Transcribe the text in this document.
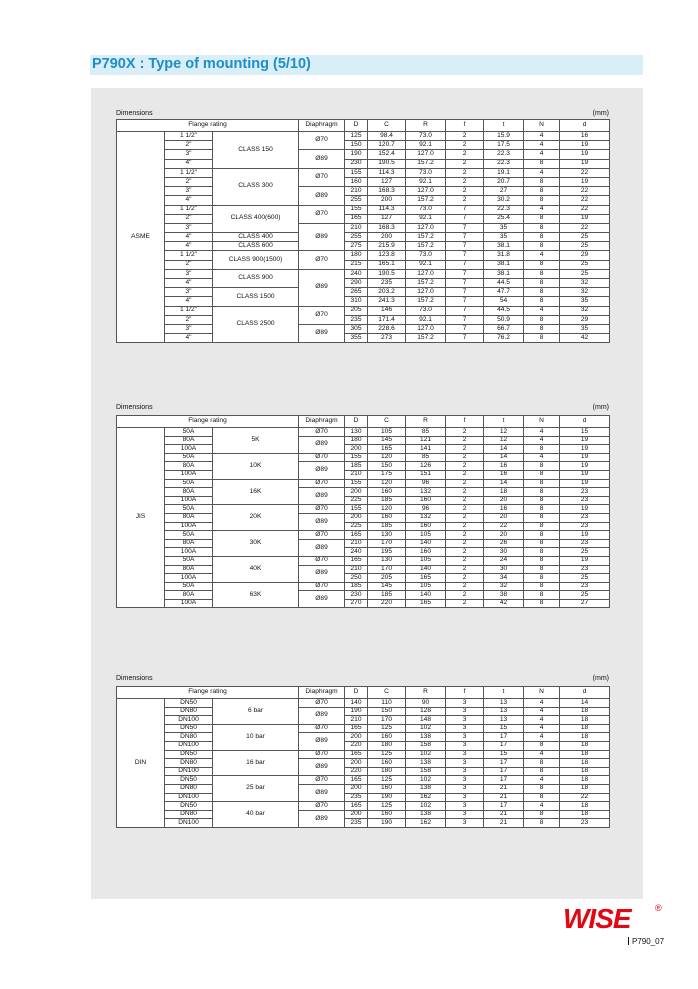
P790X : Type of mounting (5/10)
Dimensions	(mm)
Flange rating			Diaphragm	D	C	R	f	t	N	d
ASME	1 1/2"	CLASS 150	Ø70	125	98.4	73.0	2	15.9	4	16
	2"			150	120.7	92.1	2	17.5	4	19
	3"		Ø89	190	152.4	127.0	2	22.3	4	19
	4"			230	190.5	157.2	2	22.3	8	19
	1 1/2"	CLASS 300	Ø70	155	114.3	73.0	2	19.1	4	22
	2"			160	127	92.1	2	20.7	8	19
	3"		Ø89	210	168.3	127.0	2	27	8	22
	4"			255	200	157.2	2	30.2	8	22
	1 1/2"	CLASS 400(600)	Ø70	155	114.3	73.0	7	22.3	4	22
	2"			165	127	92.1	7	25.4	8	19
	3"		Ø89	210	168.3	127.0	7	35	8	22
	4"	CLASS 400		255	200	157.2	7	35	8	25
	4"	CLASS 600		275	215.9	157.2	7	38.1	8	25
	1 1/2"	CLASS 900(1500)	Ø70	180	123.8	73.0	7	31.8	4	29
	2"			215	165.1	92.1	7	38.1	8	25
	3"	CLASS 900	Ø89	240	190.5	127.0	7	38.1	8	25
	4"			290	235	157.2	7	44.5	8	32
	3"	CLASS 1500		265	203.2	127.0	7	47.7	8	32
	4"			310	241.3	157.2	7	54	8	35
	1 1/2"	CLASS 2500	Ø70	205	146	73.0	7	44.5	4	32
	2"			235	171.4	92.1	7	50.9	8	29
	3"		Ø89	305	228.6	127.0	7	66.7	8	35
	4"			355	273	157.2	7	76.2	8	42
Dimensions	(mm)
Flange rating			Diaphragm	D	C	R	f	t	N	d
JIS	50A	5K	Ø70	130	105	85	2	12	4	15
	80A		Ø89	180	145	121	2	12	4	19
	100A			200	165	141	2	14	8	19
	50A	10K	Ø70	155	120	85	2	14	4	19
	80A		Ø89	185	150	126	2	16	8	19
	100A			210	175	151	2	16	8	19
	50A	16K	Ø70	155	120	96	2	14	8	19
	80A		Ø89	200	160	132	2	18	8	23
	100A			225	185	160	2	20	8	23
	50A	20K	Ø70	155	120	96	2	16	8	19
	80A		Ø89	200	160	132	2	20	8	23
	100A			225	185	160	2	22	8	23
	50A	30K	Ø70	165	130	105	2	20	8	19
	80A		Ø89	210	170	140	2	26	8	23
	100A			240	195	160	2	30	8	25
	50A	40K	Ø70	165	130	105	2	24	8	19
	80A		Ø89	210	170	140	2	30	8	23
	100A			250	205	165	2	34	8	25
	50A	63K	Ø70	185	145	105	2	32	8	23
	80A		Ø89	230	185	140	2	38	8	25
	100A			270	220	165	2	42	8	27
Dimensions	(mm)
Flange rating			Diaphragm	D	C	R	f	t	N	d
DIN	DN50	6 bar	Ø70	140	110	90	3	13	4	14
	DN80		Ø89	190	150	128	3	13	4	18
	DN100			210	170	148	3	13	4	18
	DN50	10 bar	Ø70	165	125	102	3	15	4	18
	DN80		Ø89	200	160	138	3	17	4	18
	DN100			220	180	158	3	17	8	18
	DN50	16 bar	Ø70	165	125	102	3	15	4	18
	DN80		Ø89	200	160	138	3	17	8	18
	DN100			220	180	158	3	17	8	18
	DN50	25 bar	Ø70	165	125	102	3	17	4	18
	DN80		Ø89	200	160	138	3	21	8	18
	DN100			235	190	162	3	21	8	22
	DN50	40 bar	Ø70	165	125	102	3	17	4	18
	DN80		Ø89	200	160	138	3	21	8	18
	DN100			235	190	162	3	21	8	23
WISE	®
P790_07
